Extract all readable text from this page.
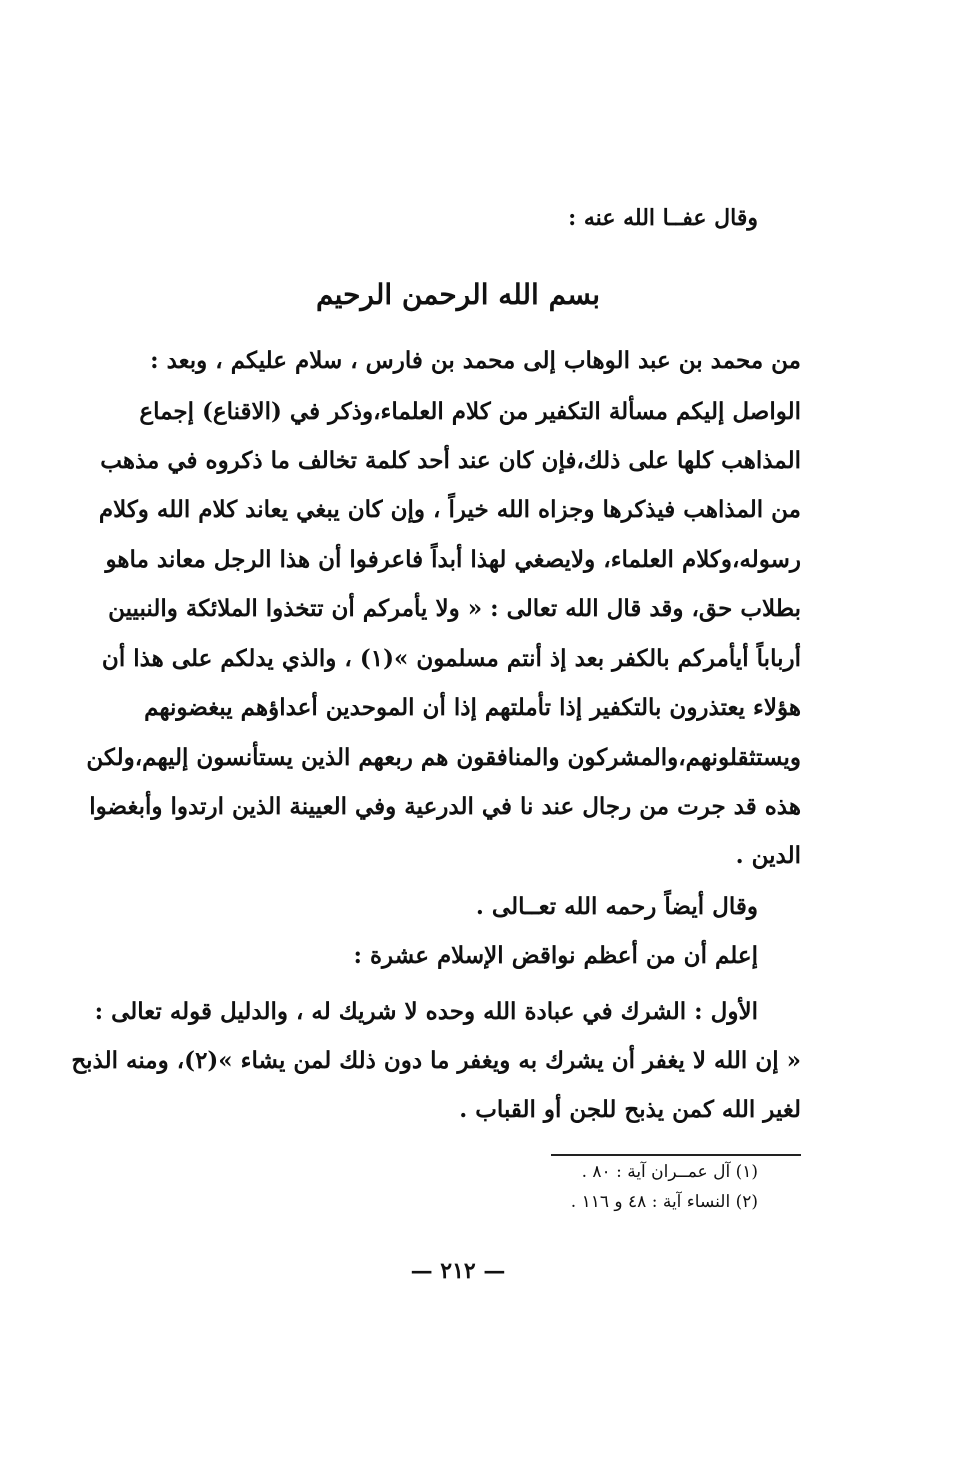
وقال عفــا الله عنه :
بسم الله الرحمن الرحيم
من محمد بن عبد الوهاب إلى محمد بن فارس ، سلام عليكم ، وبعد :
الواصل إليكم مسألة التكفير من كلام العلماء،وذكر في (الاقناع) إجماع
المذاهب كلها على ذلك،فإن كان عند أحد كلمة تخالف ما ذكروه في مذهب
من المذاهب فيذكرها وجزاه الله خيراً ، وإن كان يبغي يعاند كلام الله وكلام
رسوله،وكلام العلماء، ولايصغي لهذا أبداً فاعرفوا أن هذا الرجل معاند ماهو
بطلاب حق، وقد قال الله تعالى : « ولا يأمركم أن تتخذوا الملائكة والنبيين
أرباباً أيأمركم بالكفر بعد إذ أنتم مسلمون »(١) ، والذي يدلكم على هذا أن
هؤلاء يعتذرون بالتكفير إذا تأملتهم إذا أن الموحدين أعداؤهم يبغضونهم
ويستثقلونهم،والمشركون والمنافقون هم ربعهم الذين يستأنسون إليهم،ولكن
هذه قد جرت من رجال عند نا في الدرعية وفي العيينة الذين ارتدوا وأبغضوا
الدين .
وقال أيضاً رحمه الله تعــالى .
إعلم أن من أعظم نواقض الإسلام عشرة :
الأول : الشرك في عبادة الله وحده لا شريك له ، والدليل قوله تعالى :
« إن الله لا يغفر أن يشرك به ويغفر ما دون ذلك لمن يشاء »(٢)، ومنه الذبح
لغير الله كمن يذبح للجن أو القباب .
(١) آل عمــران آية : ٨٠ .
(٢) النساء آية : ٤٨ و ١١٦ .
— ٢١٢ —
